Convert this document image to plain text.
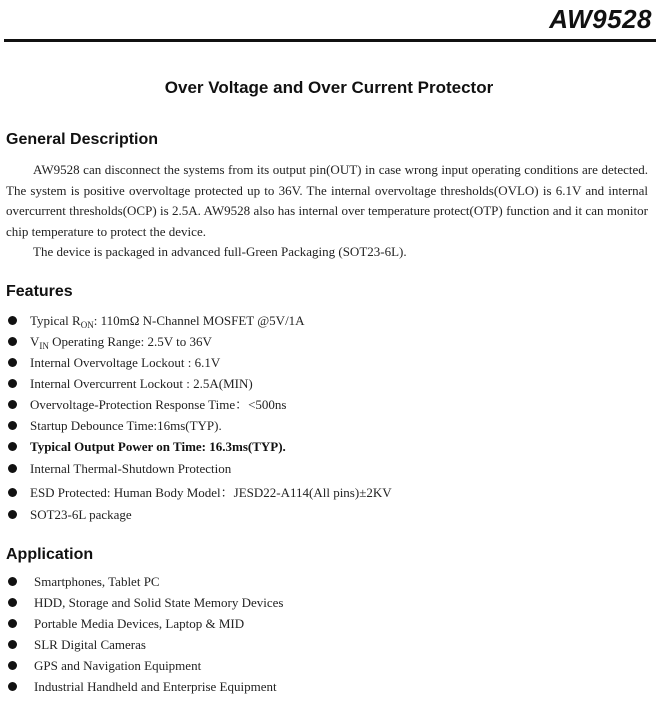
AW9528
Over Voltage and Over Current Protector
General Description

AW9528 can disconnect the systems from its output pin(OUT) in case wrong input operating conditions are detected. The system is positive overvoltage protected up to 36V. The internal overvoltage thresholds(OVLO) is 6.1V and internal overcurrent thresholds(OCP) is 2.5A. AW9528 also has internal over temperature protect(OTP) function and it can monitor chip temperature to protect the device.

The device is packaged in advanced full-Green Packaging (SOT23-6L).

Features
Typical $R_{ON}$: 110mΩ N-Channel MOSFET @5V/1A
$V_{IN}$ Operating Range: 2.5V to 36V
Internal Overvoltage Lockout : 6.1V
Internal Overcurrent Lockout : 2.5A(MIN)
Overvoltage-Protection Response Time：<500ns
Startup Debounce Time:16ms(TYP).
Typical Output Power on Time: 16.3ms(TYP).
Internal Thermal-Shutdown Protection
ESD Protected: Human Body Model：JESD22-A114(All pins)±2KV
SOT23-6L package
Application
Smartphones, Tablet PC
HDD, Storage and Solid State Memory Devices
Portable Media Devices, Laptop & MID
SLR Digital Cameras
GPS and Navigation Equipment
Industrial Handheld and Enterprise Equipment
